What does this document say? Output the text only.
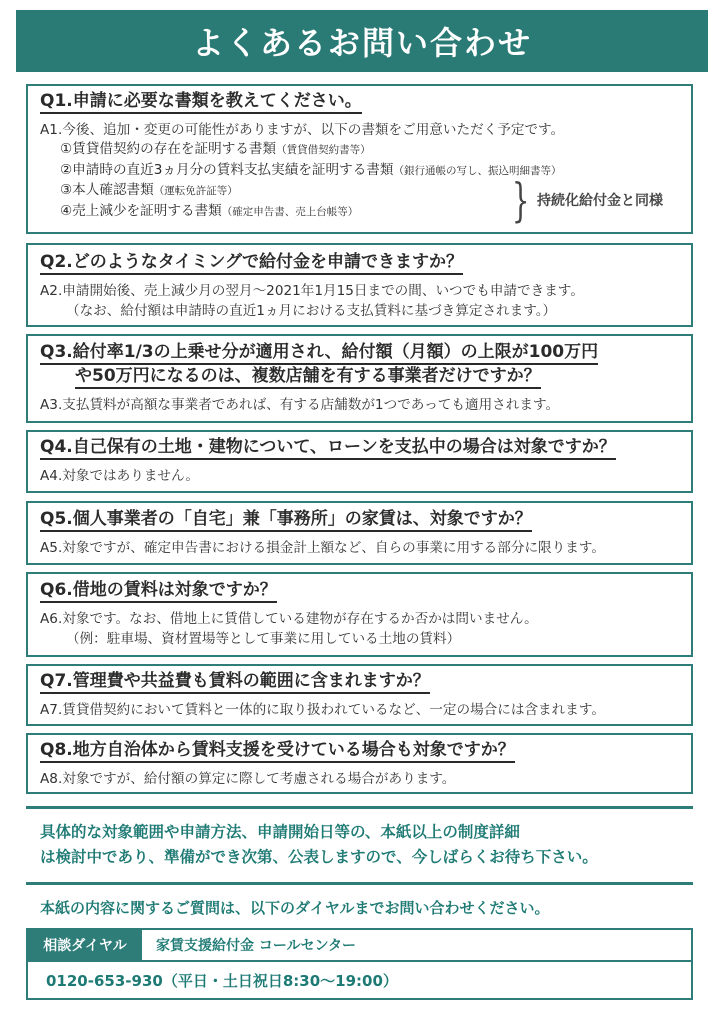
よくあるお問い合わせ
Q1.申請に必要な書類を教えてください。
A1.今後、追加・変更の可能性がありますが、以下の書類をご用意いただく予定です。
①賃貸借契約の存在を証明する書類（賃貸借契約書等）
②申請時の直近3ヵ月分の賃料支払実績を証明する書類（銀行通帳の写し、振込明細書等）
③本人確認書類（運転免許証等）
④売上減少を証明する書類（確定申告書、売上台帳等）	} 持続化給付金と同様
Q2.どのようなタイミングで給付金を申請できますか？
A2.申請開始後、売上減少月の翌月～2021年1月15日までの間、いつでも申請できます。
（なお、給付額は申請時の直近1ヵ月における支払賃料に基づき算定されます。）
Q3.給付率1/3の上乗せ分が適用され、給付額（月額）の上限が100万円
や50万円になるのは、複数店舗を有する事業者だけですか？
A3.支払賃料が高額な事業者であれば、有する店舗数が1つであっても適用されます。
Q4.自己保有の土地・建物について、ローンを支払中の場合は対象ですか？
A4.対象ではありません。
Q5.個人事業者の「自宅」兼「事務所」の家賃は、対象ですか？
A5.対象ですが、確定申告書における損金計上額など、自らの事業に用する部分に限ります。
Q6.借地の賃料は対象ですか？
A6.対象です。なお、借地上に賃借している建物が存在するか否かは問いません。
（例：駐車場、資材置場等として事業に用している土地の賃料）
Q7.管理費や共益費も賃料の範囲に含まれますか？
A7.賃貸借契約において賃料と一体的に取り扱われているなど、一定の場合には含まれます。
Q8.地方自治体から賃料支援を受けている場合も対象ですか？
A8.対象ですが、給付額の算定に際して考慮される場合があります。
具体的な対象範囲や申請方法、申請開始日等の、本紙以上の制度詳細
は検討中であり、準備ができ次第、公表しますので、今しばらくお待ち下さい。
本紙の内容に関するご質問は、以下のダイヤルまでお問い合わせください。
相談ダイヤル	家賃支援給付金 コールセンター
0120-653-930（平日・土日祝日8:30～19:00）
